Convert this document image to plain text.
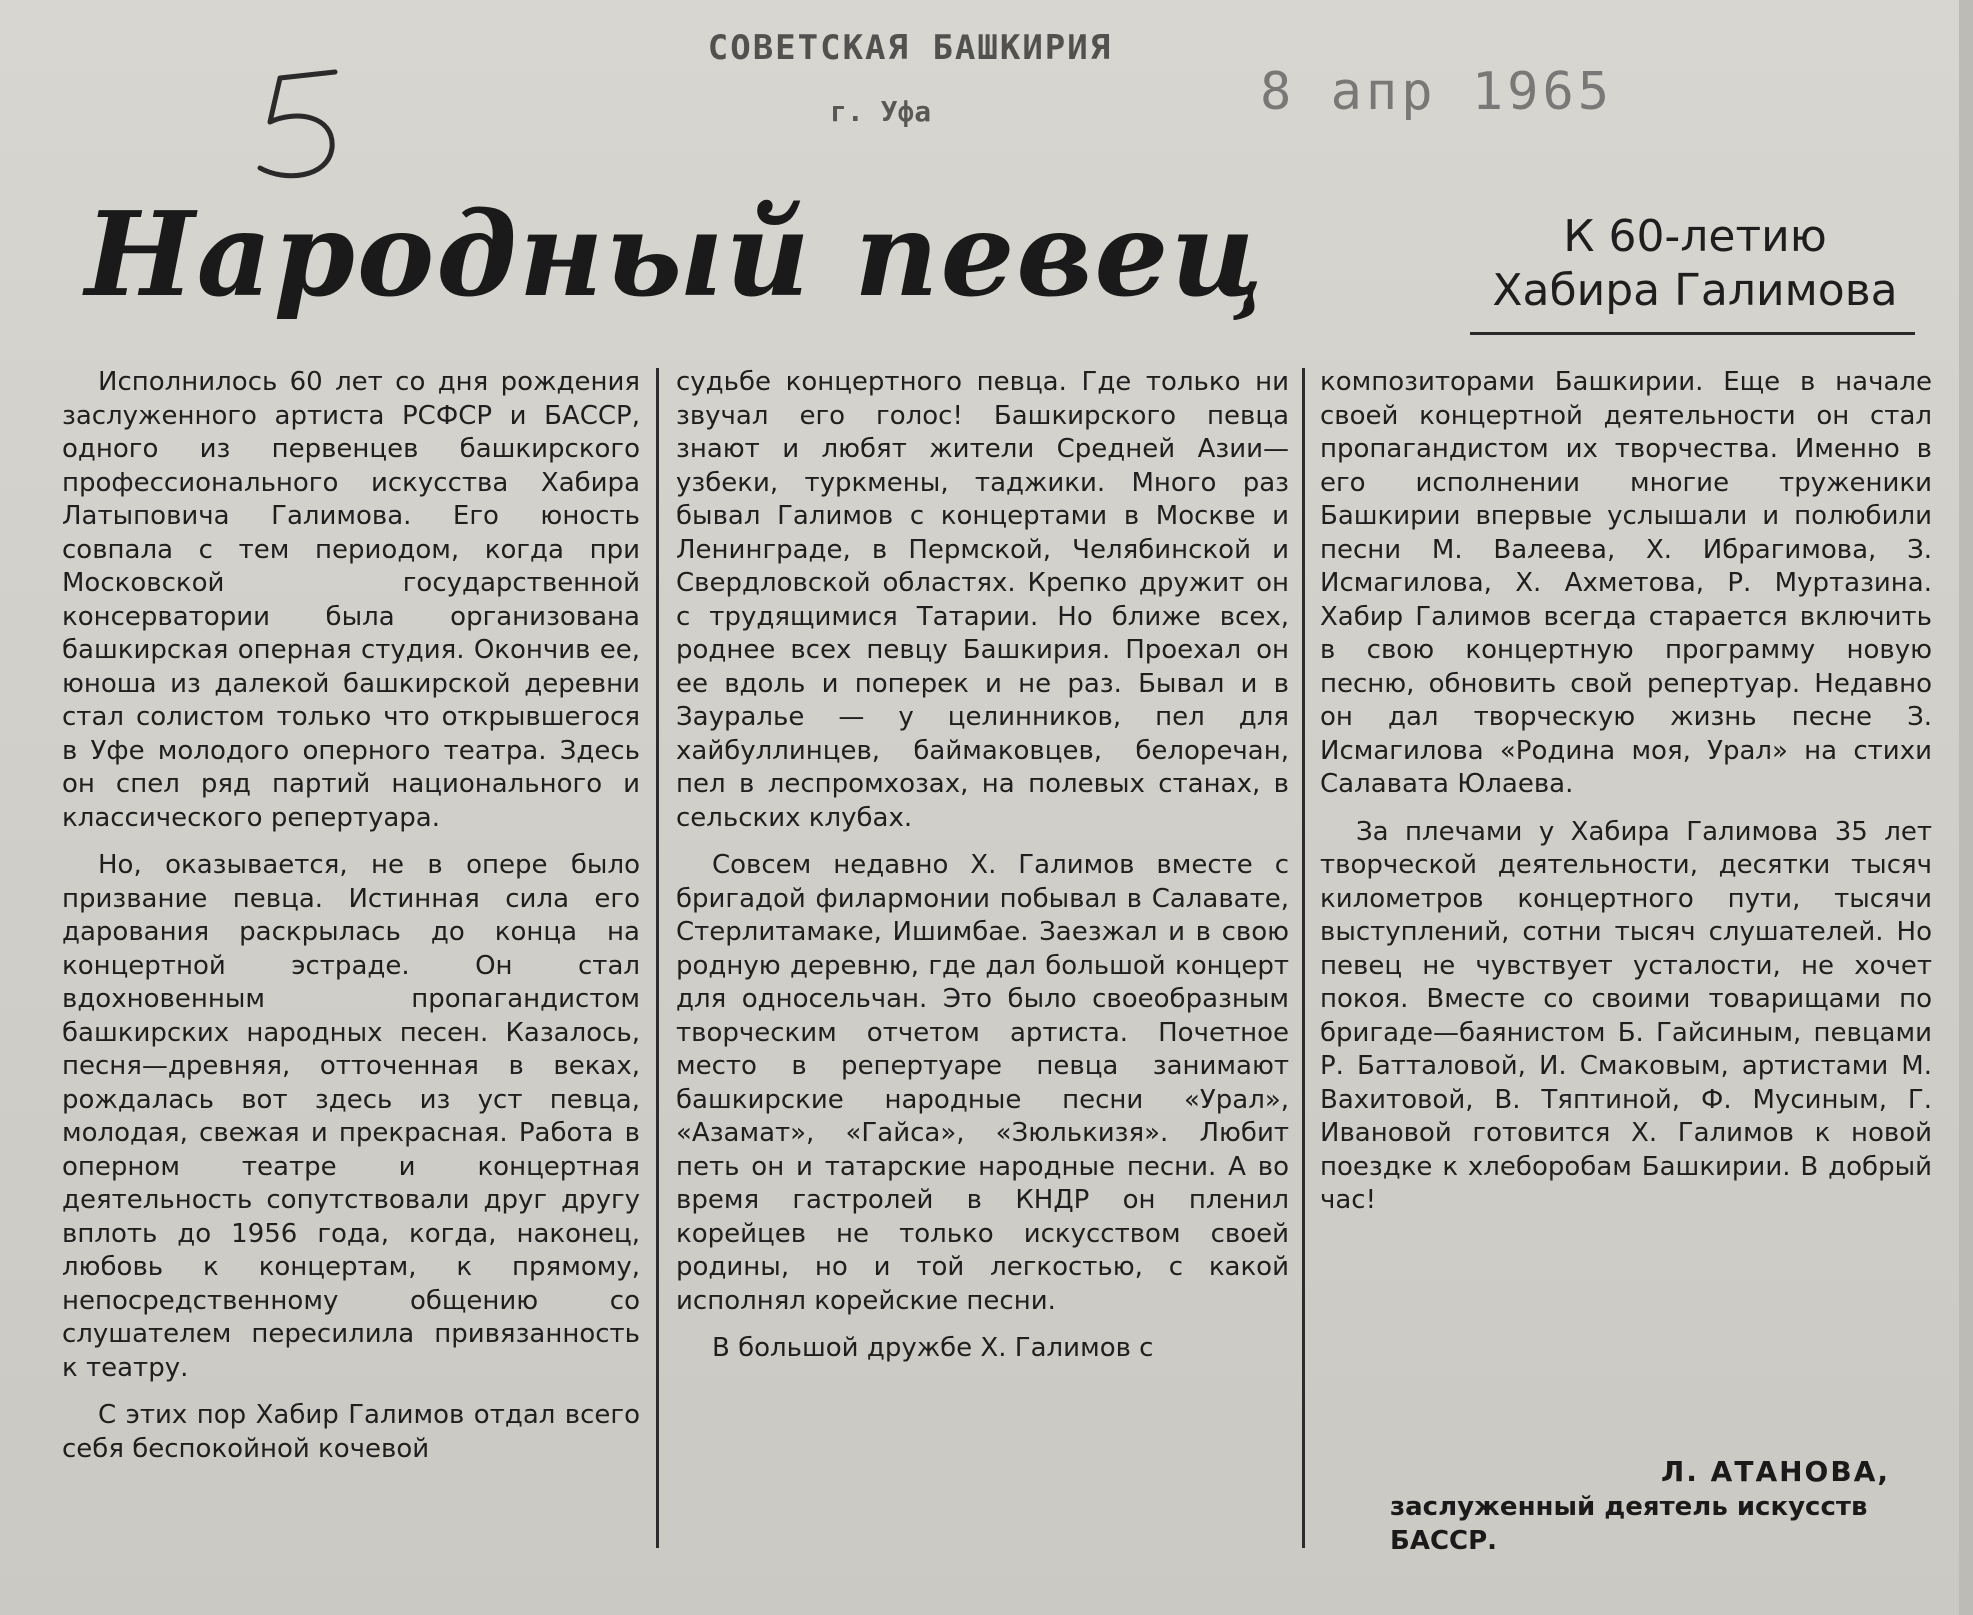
СОВЕТСКАЯ БАШКИРИЯ
г. Уфа	8 апр 1965
Народный певец	К 60-летию
Хабира Галимова

Исполнилось 60 лет со дня рождения заслуженного артиста РСФСР и БАССР, одного из первенцев башкирского профессионального искусства Хабира Латыповича Галимова. Его юность совпала с тем периодом, когда при Московской государственной консерватории была организована башкирская оперная студия. Окончив ее, юноша из далекой башкирской деревни стал солистом только что открывшегося в Уфе молодого оперного театра. Здесь он спел ряд партий национального и классического репертуара.

Но, оказывается, не в опере было призвание певца. Истинная сила его дарования раскрылась до конца на концертной эстраде. Он стал вдохновенным пропагандистом башкирских народных песен. Казалось, песня—древняя, отточенная в веках, рождалась вот здесь из уст певца, молодая, свежая и прекрасная. Работа в оперном театре и концертная деятельность сопутствовали друг другу вплоть до 1956 года, когда, наконец, любовь к концертам, к прямому, непосредственному общению со слушателем пересилила привязанность к театру.

С этих пор Хабир Галимов отдал всего себя беспокойной кочевой

судьбе концертного певца. Где только ни звучал его голос! Башкирского певца знают и любят жители Средней Азии—узбеки, туркмены, таджики. Много раз бывал Галимов с концертами в Москве и Ленинграде, в Пермской, Челябинской и Свердловской областях. Крепко дружит он с трудящимися Татарии. Но ближе всех, роднее всех певцу Башкирия. Проехал он ее вдоль и поперек и не раз. Бывал и в Зауралье — у целинников, пел для хайбуллинцев, баймаковцев, белоречан, пел в леспромхозах, на полевых станах, в сельских клубах.

Совсем недавно Х. Галимов вместе с бригадой филармонии побывал в Салавате, Стерлитамаке, Ишимбае. Заезжал и в свою родную деревню, где дал большой концерт для односельчан. Это было своеобразным творческим отчетом артиста. Почетное место в репертуаре певца занимают башкирские народные песни «Урал», «Азамат», «Гайса», «Зюлькизя». Любит петь он и татарские народные песни. А во время гастролей в КНДР он пленил корейцев не только искусством своей родины, но и той легкостью, с какой исполнял корейские песни.

В большой дружбе Х. Галимов с

композиторами Башкирии. Еще в начале своей концертной деятельности он стал пропагандистом их творчества. Именно в его исполнении многие труженики Башкирии впервые услышали и полюбили песни М. Валеева, Х. Ибрагимова, З. Исмагилова, Х. Ахметова, Р. Муртазина. Хабир Галимов всегда старается включить в свою концертную программу новую песню, обновить свой репертуар. Недавно он дал творческую жизнь песне З. Исмагилова «Родина моя, Урал» на стихи Салавата Юлаева.

За плечами у Хабира Галимова 35 лет творческой деятельности, десятки тысяч километров концертного пути, тысячи выступлений, сотни тысяч слушателей. Но певец не чувствует усталости, не хочет покоя. Вместе со своими товарищами по бригаде—баянистом Б. Гайсиным, певцами Р. Батталовой, И. Смаковым, артистами М. Вахитовой, В. Тяптиной, Ф. Мусиным, Г. Ивановой готовится Х. Галимов к новой поездке к хлеборобам Башкирии. В добрый час!

Л. АТАНОВА,
заслуженный деятель искусств БАССР.
